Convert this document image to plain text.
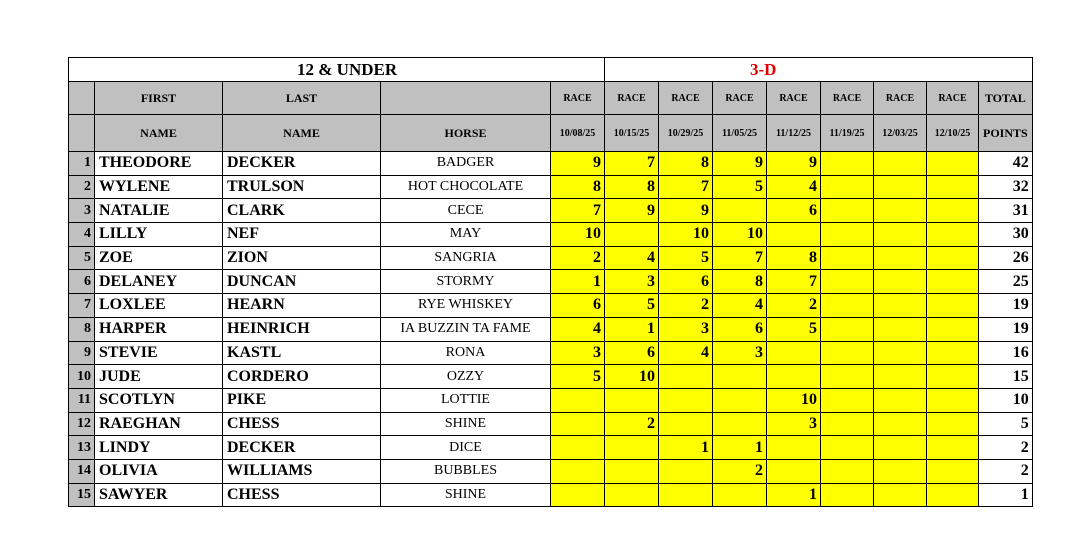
12 & UNDER					3-D							
	FIRST	LAST		RACE	RACE	RACE	RACE	RACE	RACE	RACE	RACE	TOTAL
	NAME	NAME	HORSE	10/08/25	10/15/25	10/29/25	11/05/25	11/12/25	11/19/25	12/03/25	12/10/25	POINTS
1	THEODORE	DECKER	BADGER	9	7	8	9	9				42
2	WYLENE	TRULSON	HOT CHOCOLATE	8	8	7	5	4				32
3	NATALIE	CLARK	CECE	7	9	9		6				31
4	LILLY	NEF	MAY	10		10	10					30
5	ZOE	ZION	SANGRIA	2	4	5	7	8				26
6	DELANEY	DUNCAN	STORMY	1	3	6	8	7				25
7	LOXLEE	HEARN	RYE WHISKEY	6	5	2	4	2				19
8	HARPER	HEINRICH	IA BUZZIN TA FAME	4	1	3	6	5				19
9	STEVIE	KASTL	RONA	3	6	4	3					16
10	JUDE	CORDERO	OZZY	5	10							15
11	SCOTLYN	PIKE	LOTTIE					10				10
12	RAEGHAN	CHESS	SHINE		2			3				5
13	LINDY	DECKER	DICE			1	1					2
14	OLIVIA	WILLIAMS	BUBBLES				2					2
15	SAWYER	CHESS	SHINE					1				1
